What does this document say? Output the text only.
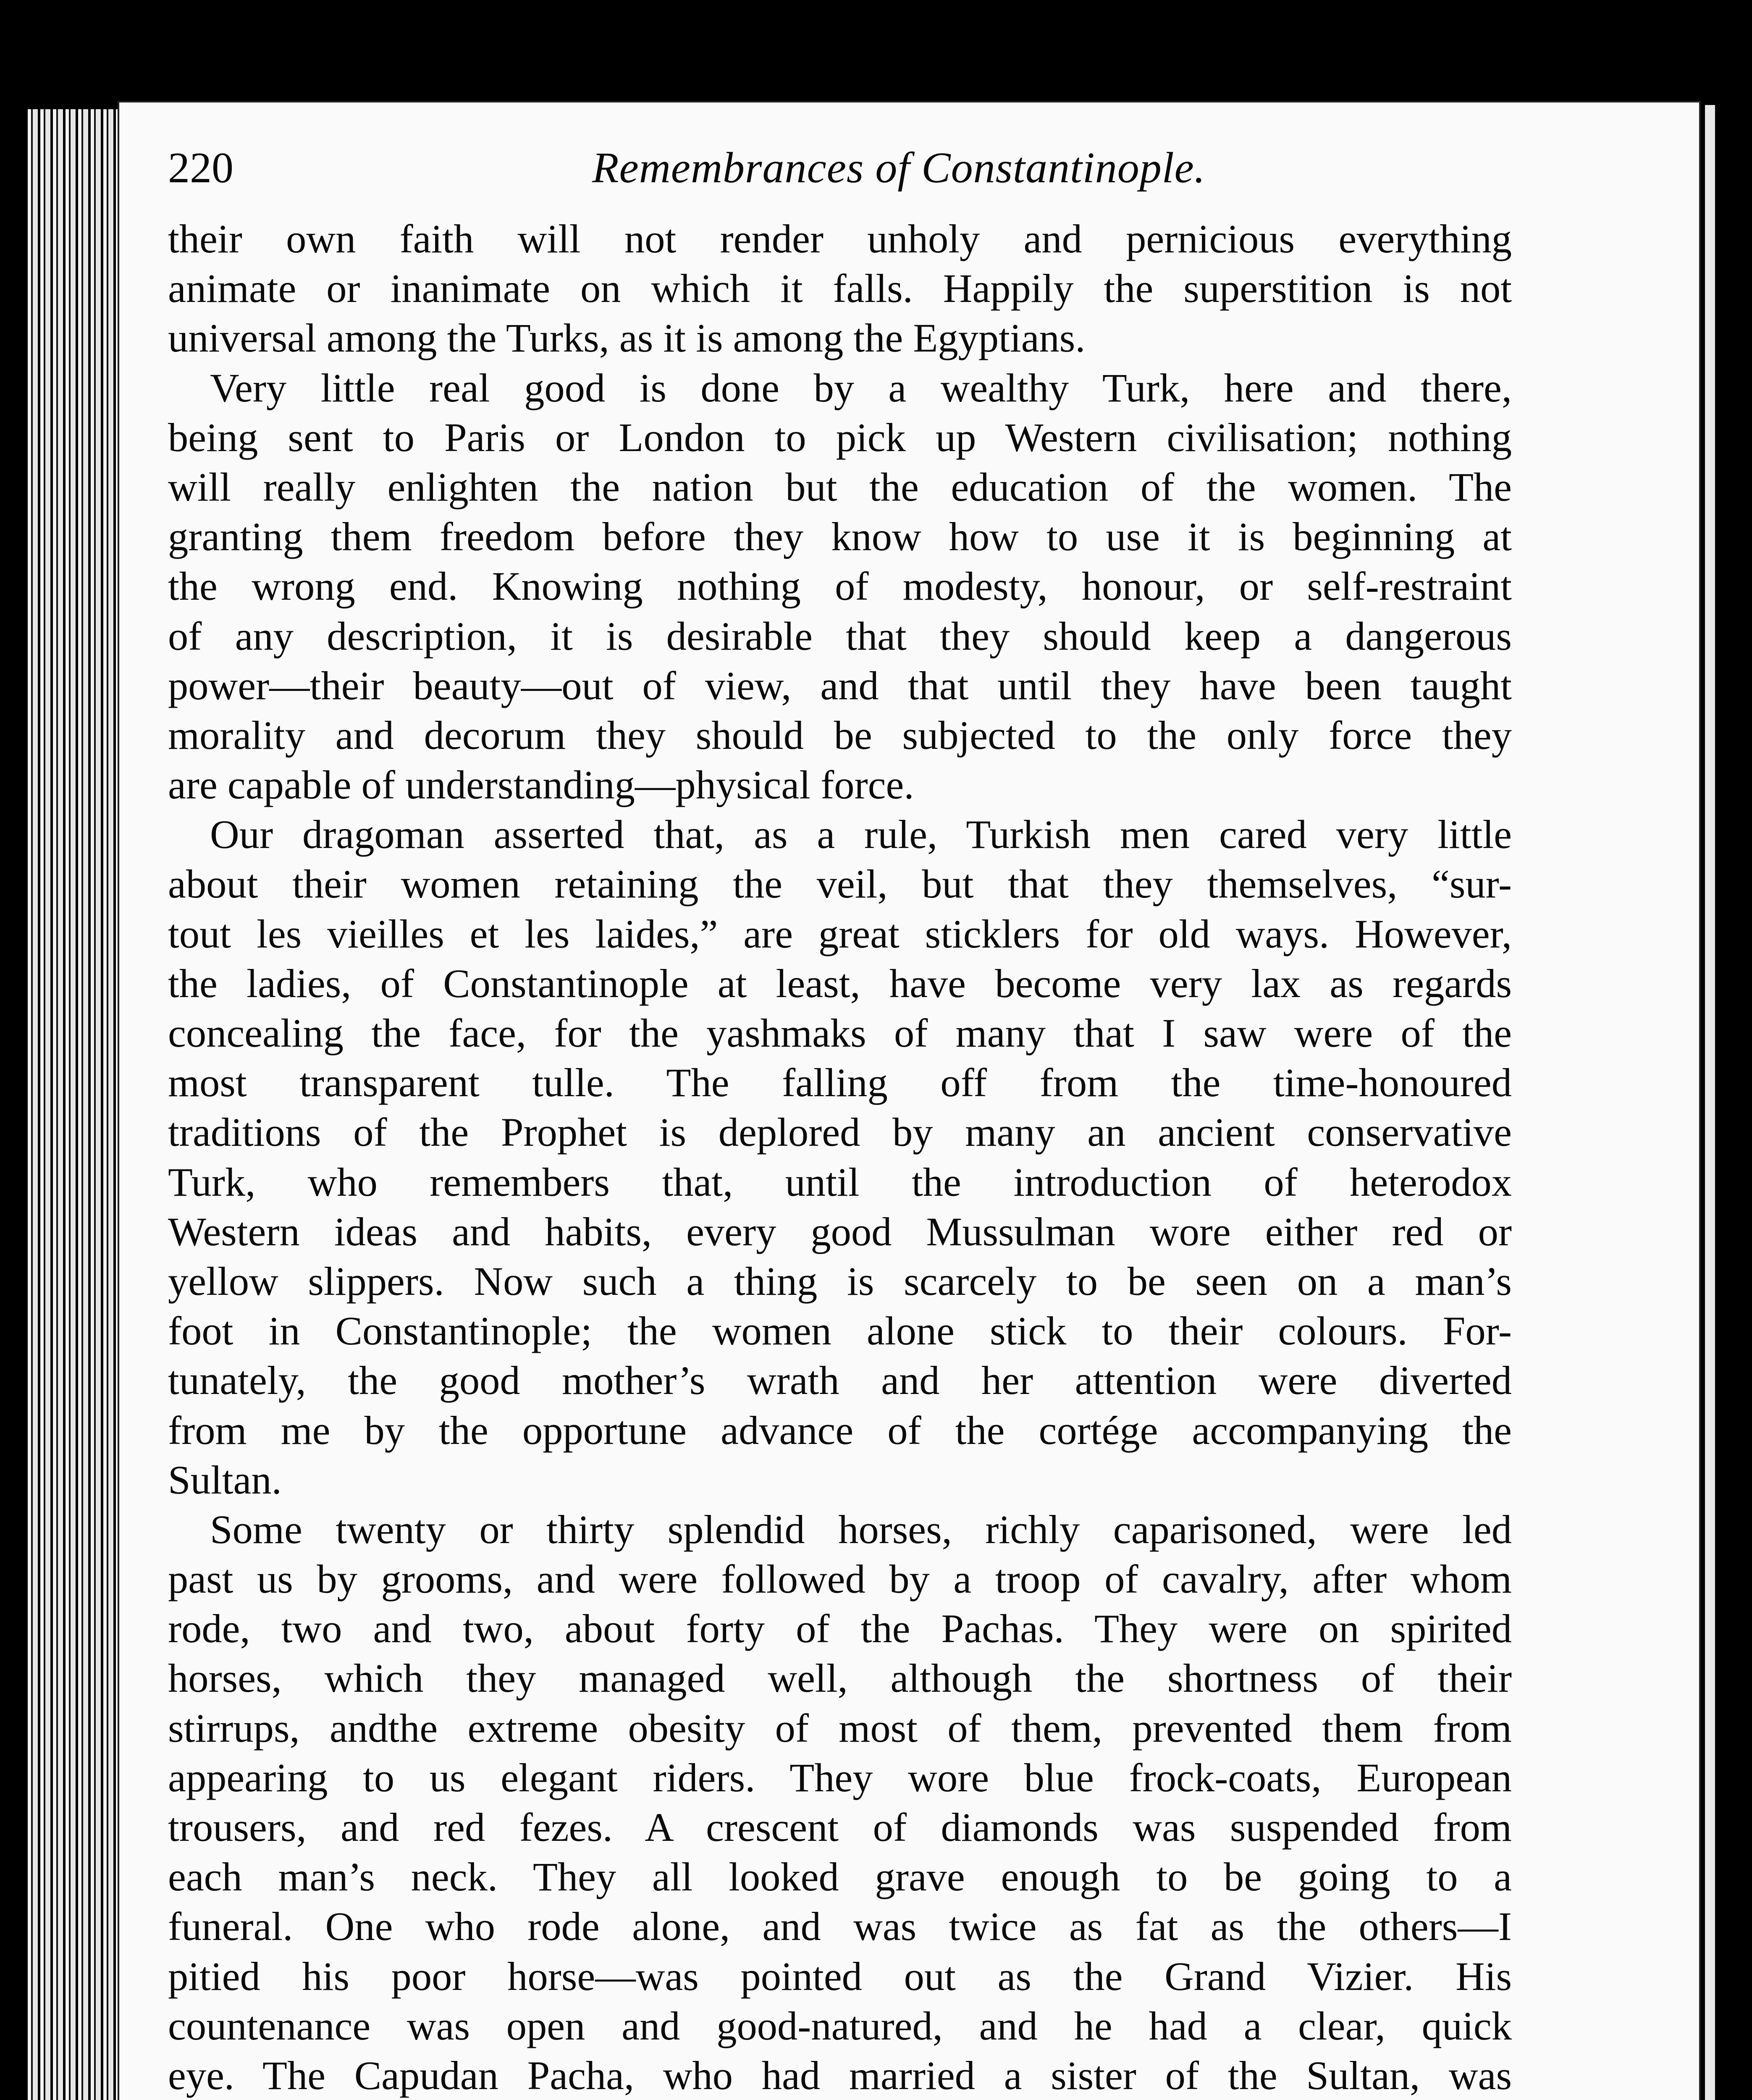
220	Remembrances of Constantinople.
their own faith will not render unholy and pernicious everything
animate or inanimate on which it falls. Happily the superstition is not
universal among the Turks, as it is among the Egyptians.
Very little real good is done by a wealthy Turk, here and there,
being sent to Paris or London to pick up Western civilisation; nothing
will really enlighten the nation but the education of the women. The
granting them freedom before they know how to use it is beginning at
the wrong end. Knowing nothing of modesty, honour, or self-restraint
of any description, it is desirable that they should keep a dangerous
power—their beauty—out of view, and that until they have been taught
morality and decorum they should be subjected to the only force they
are capable of understanding—physical force.
Our dragoman asserted that, as a rule, Turkish men cared very little
about their women retaining the veil, but that they themselves, “sur-
tout les vieilles et les laides,” are great sticklers for old ways. However,
the ladies, of Constantinople at least, have become very lax as regards
concealing the face, for the yashmaks of many that I saw were of the
most transparent tulle. The falling off from the time-honoured
traditions of the Prophet is deplored by many an ancient conservative
Turk, who remembers that, until the introduction of heterodox
Western ideas and habits, every good Mussulman wore either red or
yellow slippers. Now such a thing is scarcely to be seen on a man’s
foot in Constantinople; the women alone stick to their colours. For-
tunately, the good mother’s wrath and her attention were diverted
from me by the opportune advance of the cortége accompanying the
Sultan.
Some twenty or thirty splendid horses, richly caparisoned, were led
past us by grooms, and were followed by a troop of cavalry, after whom
rode, two and two, about forty of the Pachas. They were on spirited
horses, which they managed well, although the shortness of their
stirrups, andthe extreme obesity of most of them, prevented them from
appearing to us elegant riders. They wore blue frock-coats, European
trousers, and red fezes. A crescent of diamonds was suspended from
each man’s neck. They all looked grave enough to be going to a
funeral. One who rode alone, and was twice as fat as the others—I
pitied his poor horse—was pointed out as the Grand Vizier. His
countenance was open and good-natured, and he had a clear, quick
eye. The Capudan Pacha, who had married a sister of the Sultan, was
